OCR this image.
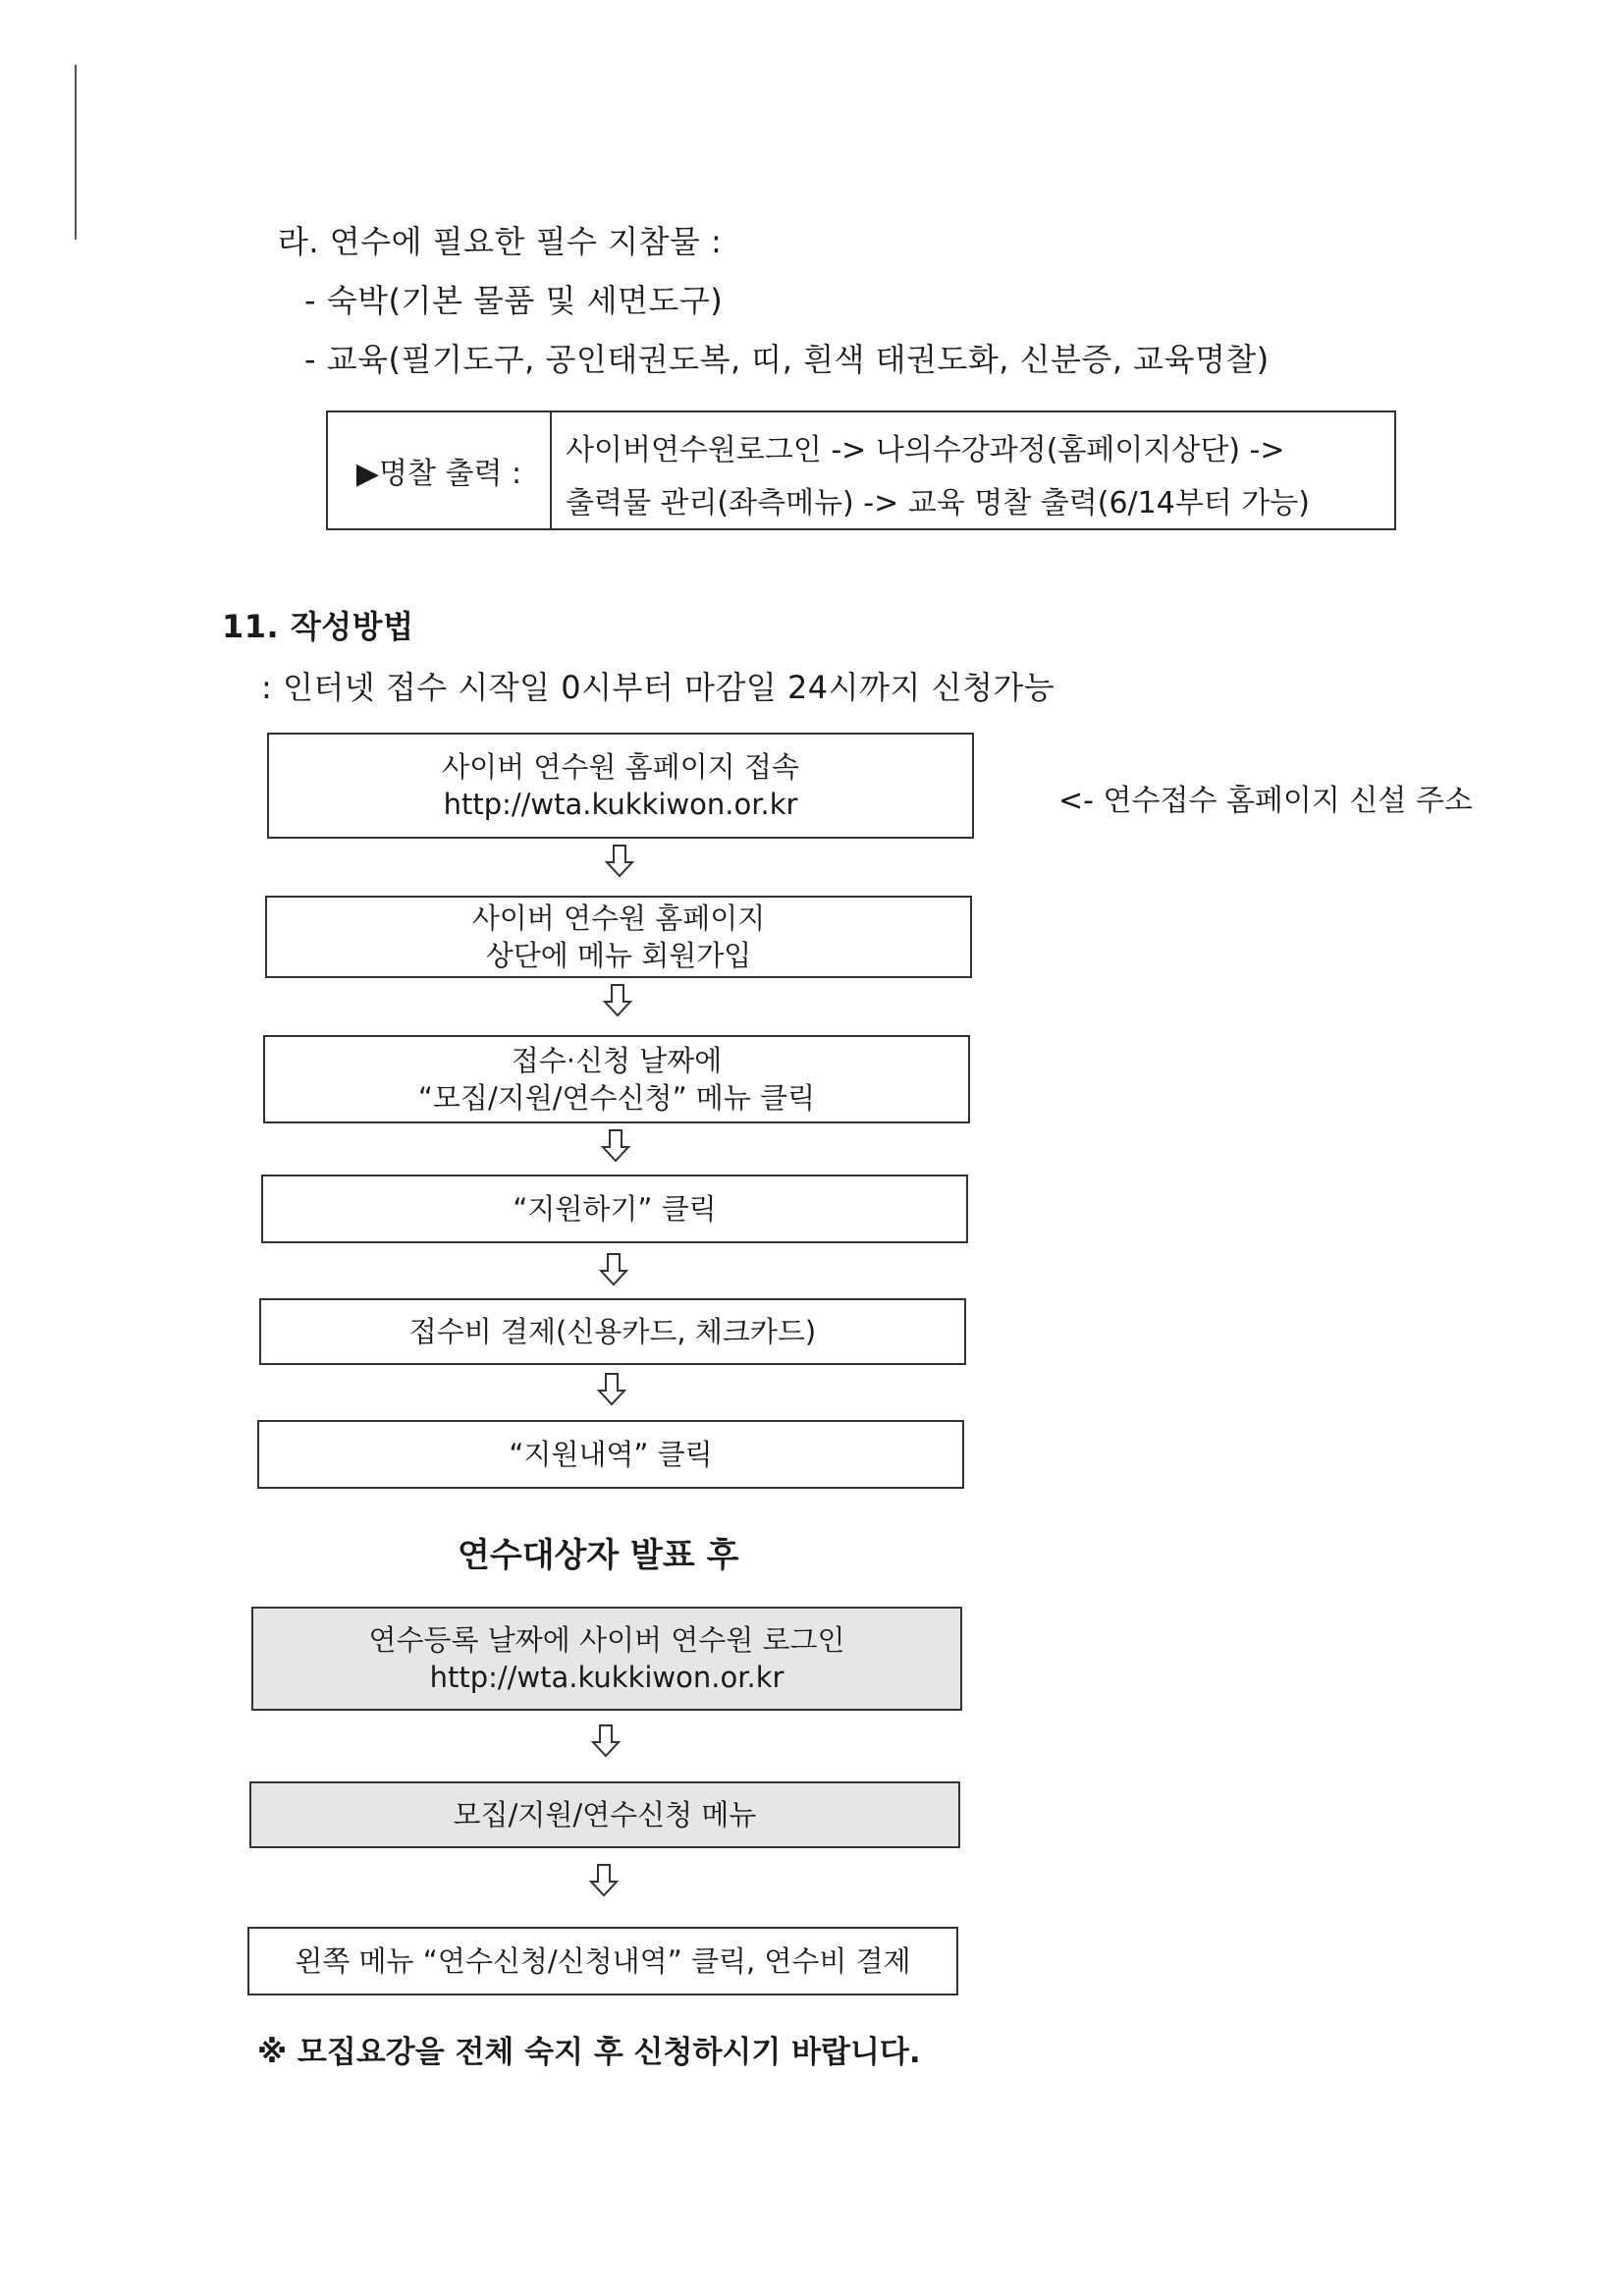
라. 연수에 필요한 필수 지참물 :
- 숙박(기본 물품 및 세면도구)
- 교육(필기도구, 공인태권도복, 띠, 흰색 태권도화, 신분증, 교육명찰)
▶명찰 출력 :
사이버연수원로그인 -> 나의수강과정(홈페이지상단) ->
출력물 관리(좌측메뉴) -> 교육 명찰 출력(6/14부터 가능)
11. 작성방법
: 인터넷 접수 시작일 0시부터 마감일 24시까지 신청가능
사이버 연수원 홈페이지 접속
http://wta.kukkiwon.or.kr	<- 연수접수 홈페이지 신설 주소
사이버 연수원 홈페이지
상단에 메뉴 회원가입
접수·신청 날짜에
“모집/지원/연수신청” 메뉴 클릭
“지원하기” 클릭
접수비 결제(신용카드, 체크카드)
“지원내역” 클릭
연수대상자 발표 후
연수등록 날짜에 사이버 연수원 로그인
http://wta.kukkiwon.or.kr
모집/지원/연수신청 메뉴
왼쪽 메뉴 “연수신청/신청내역” 클릭, 연수비 결제
※ 모집요강을 전체 숙지 후 신청하시기 바랍니다.
